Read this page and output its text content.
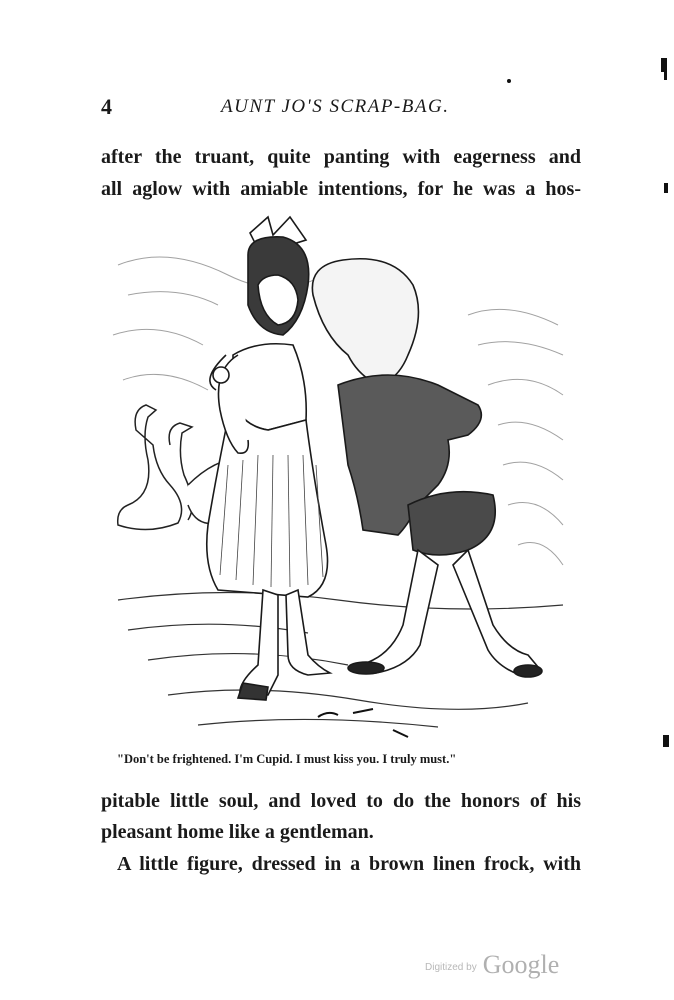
4	AUNT JO'S SCRAP-BAG.
after the truant, quite panting with eagerness and
all aglow with amiable intentions, for he was a hos-
"Don't be frightened. I'm Cupid. I must kiss you. I truly must."
pitable little soul, and loved to do the honors of his
pleasant home like a gentleman.
A little figure, dressed in a brown linen frock, with
Digitized by Google
